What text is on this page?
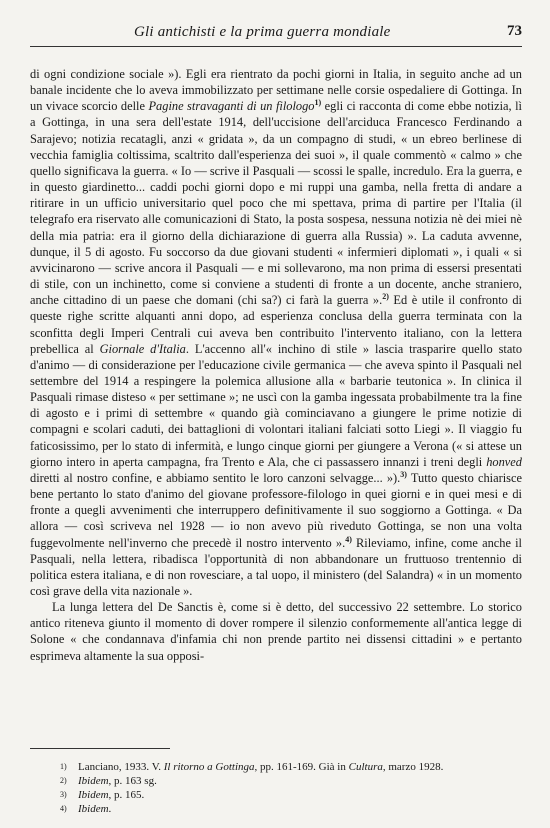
Gli antichisti e la prima guerra mondiale	73

di ogni condizione sociale »). Egli era rientrato da pochi giorni in Italia, in seguito anche ad un banale incidente che lo aveva immobilizzato per settimane nelle corsie ospedaliere di Gottinga. In un vivace scorcio delle Pagine stravaganti di un filologo$^{1)}$ egli ci racconta di come ebbe notizia, lì a Gottinga, in una sera dell'estate 1914, dell'uccisione dell'arciduca Francesco Ferdinando a Sarajevo; notizia recatagli, anzi « gridata », da un compagno di studi, « un ebreo berlinese di vecchia famiglia coltissima, scaltrito dall'esperienza dei suoi », il quale commentò « calmo » che quello significava la guerra. « Io — scrive il Pasquali — scossi le spalle, incredulo. Era la guerra, e in questo giardinetto... caddi pochi giorni dopo e mi ruppi una gamba, nella fretta di andare a ritirare in un ufficio universitario quel poco che mi spettava, prima di partire per l'Italia (il telegrafo era riservato alle comunicazioni di Stato, la posta sospesa, nessuna notizia nè dei miei nè della mia patria: era il giorno della dichiarazione di guerra alla Russia) ». La caduta avvenne, dunque, il 5 di agosto. Fu soccorso da due giovani studenti « infermieri diplomati », i quali « si avvicinarono — scrive ancora il Pasquali — e mi sollevarono, ma non prima di essersi presentati di stile, con un inchinetto, come si conviene a studenti di fronte a un docente, anche straniero, anche cittadino di un paese che domani (chi sa?) ci farà la guerra ».$^{2)}$ Ed è utile il confronto di queste righe scritte alquanti anni dopo, ad esperienza conclusa della guerra terminata con la sconfitta degli Imperi Centrali cui aveva ben contribuito l'intervento italiano, con la lettera prebellica al Giornale d'Italia. L'accenno all'« inchino di stile » lascia trasparire quello stato d'animo — di considerazione per l'educazione civile germanica — che aveva spinto il Pasquali nel settembre del 1914 a respingere la polemica allusione alla « barbarie teutonica ». In clinica il Pasquali rimase disteso « per settimane »; ne uscì con la gamba ingessata probabilmente tra la fine di agosto e i primi di settembre « quando già cominciavano a giungere le prime notizie di compagni e scolari caduti, dei battaglioni di volontari italiani falciati sotto Liegi ». Il viaggio fu faticosissimo, per lo stato di infermità, e lungo cinque giorni per giungere a Verona (« si attese un giorno intero in aperta campagna, fra Trento e Ala, che ci passassero innanzi i treni degli honved diretti al nostro confine, e abbiamo sentito le loro canzoni selvagge... »).$^{3)}$ Tutto questo chiarisce bene pertanto lo stato d'animo del giovane professore-filologo in quei giorni e in quei mesi e di fronte a quegli avvenimenti che interruppero definitivamente il suo soggiorno a Gottinga. « Da allora — così scriveva nel 1928 — io non avevo più riveduto Gottinga, se non una volta fuggevolmente nell'inverno che precedè il nostro intervento ».$^{4)}$ Rileviamo, infine, come anche il Pasquali, nella lettera, ribadisca l'opportunità di non abbandonare un fruttuoso trentennio di politica estera italiana, e di non rovesciare, a tal uopo, il ministero (del Salandra) « in un momento così grave della vita nazionale ».

La lunga lettera del De Sanctis è, come si è detto, del successivo 22 settembre. Lo storico antico riteneva giunto il momento di dover rompere il silenzio conformemente all'antica legge di Solone « che condannava d'infamia chi non prende partito nei dissensi cittadini » e pertanto esprimeva altamente la sua opposi-

1) Lanciano, 1933. V. Il ritorno a Gottinga, pp. 161-169. Già in Cultura, marzo 1928.

2) Ibidem, p. 163 sg.

3) Ibidem, p. 165.

4) Ibidem.
